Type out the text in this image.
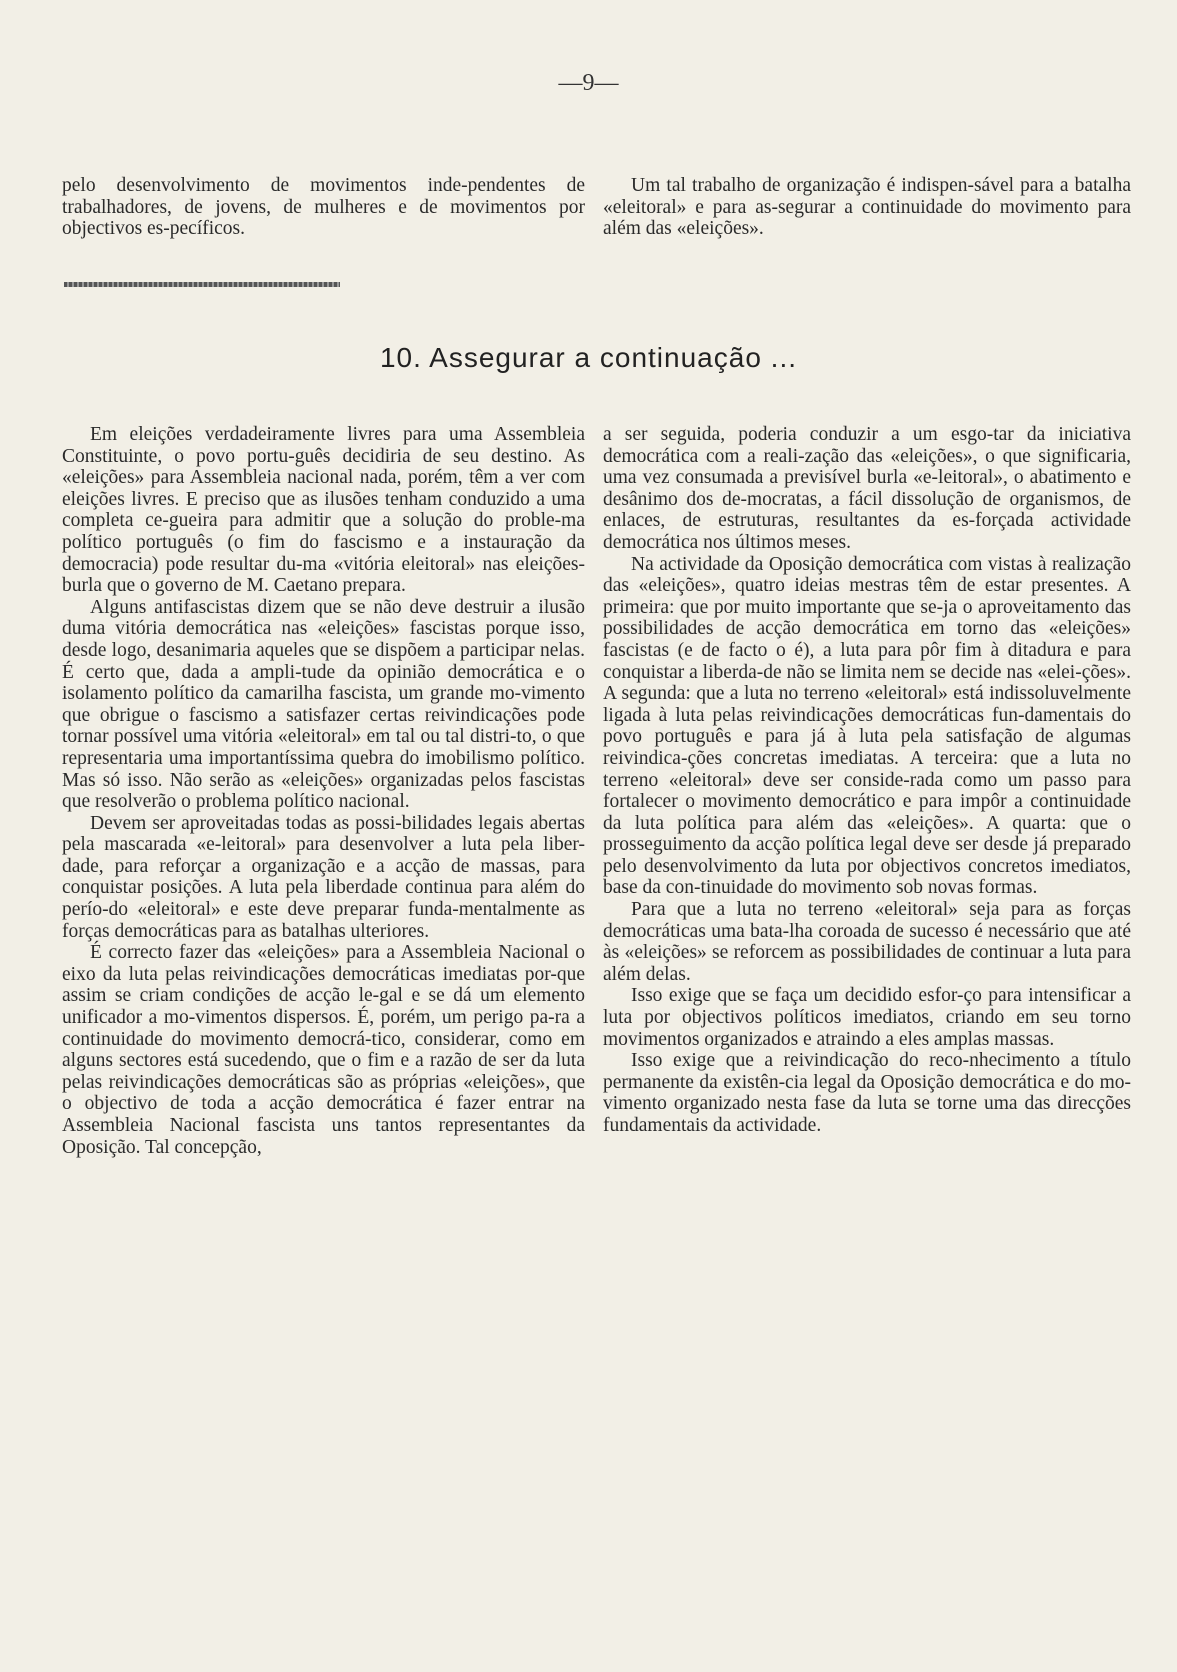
—9—

pelo desenvolvimento de movimentos inde-pendentes de trabalhadores, de jovens, de mulheres e de movimentos por objectivos es-pecíficos.

Um tal trabalho de organização é indispen-sável para a batalha «eleitoral» e para as-segurar a continuidade do movimento para além das «eleições».

10. Assegurar a continuação ...

Em eleições verdadeiramente livres para uma Assembleia Constituinte, o povo portu-guês decidiria de seu destino. As «eleições» para Assembleia nacional nada, porém, têm a ver com eleições livres. E preciso que as ilusões tenham conduzido a uma completa ce-gueira para admitir que a solução do proble-ma político português (o fim do fascismo e a instauração da democracia) pode resultar du-ma «vitória eleitoral» nas eleições-burla que o governo de M. Caetano prepara.

Alguns antifascistas dizem que se não deve destruir a ilusão duma vitória democrática nas «eleições» fascistas porque isso, desde logo, desanimaria aqueles que se dispõem a participar nelas. É certo que, dada a ampli-tude da opinião democrática e o isolamento político da camarilha fascista, um grande mo-vimento que obrigue o fascismo a satisfazer certas reivindicações pode tornar possível uma vitória «eleitoral» em tal ou tal distri-to, o que representaria uma importantíssima quebra do imobilismo político. Mas só isso. Não serão as «eleições» organizadas pelos fascistas que resolverão o problema político nacional.

Devem ser aproveitadas todas as possi-bilidades legais abertas pela mascarada «e-leitoral» para desenvolver a luta pela liber-dade, para reforçar a organização e a acção de massas, para conquistar posições. A luta pela liberdade continua para além do perío-do «eleitoral» e este deve preparar funda-mentalmente as forças democráticas para as batalhas ulteriores.

É correcto fazer das «eleições» para a Assembleia Nacional o eixo da luta pelas reivindicações democráticas imediatas por-que assim se criam condições de acção le-gal e se dá um elemento unificador a mo-vimentos dispersos. É, porém, um perigo pa-ra a continuidade do movimento democrá-tico, considerar, como em alguns sectores está sucedendo, que o fim e a razão de ser da luta pelas reivindicações democráticas são as próprias «eleições», que o objectivo de toda a acção democrática é fazer entrar na Assembleia Nacional fascista uns tantos representantes da Oposição. Tal concepção,

a ser seguida, poderia conduzir a um esgo-tar da iniciativa democrática com a reali-zação das «eleições», o que significaria, uma vez consumada a previsível burla «e-leitoral», o abatimento e desânimo dos de-mocratas, a fácil dissolução de organismos, de enlaces, de estruturas, resultantes da es-forçada actividade democrática nos últimos meses.

Na actividade da Oposição democrática com vistas à realização das «eleições», quatro ideias mestras têm de estar presentes. A primeira: que por muito importante que se-ja o aproveitamento das possibilidades de acção democrática em torno das «eleições» fascistas (e de facto o é), a luta para pôr fim à ditadura e para conquistar a liberda-de não se limita nem se decide nas «elei-ções». A segunda: que a luta no terreno «eleitoral» está indissoluvelmente ligada à luta pelas reivindicações democráticas fun-damentais do povo português e para já à luta pela satisfação de algumas reivindica-ções concretas imediatas. A terceira: que a luta no terreno «eleitoral» deve ser conside-rada como um passo para fortalecer o movimento democrático e para impôr a continuidade da luta política para além das «eleições». A quarta: que o prosseguimento da acção política legal deve ser desde já preparado pelo desenvolvimento da luta por objectivos concretos imediatos, base da con-tinuidade do movimento sob novas formas.

Para que a luta no terreno «eleitoral» seja para as forças democráticas uma bata-lha coroada de sucesso é necessário que até às «eleições» se reforcem as possibilidades de continuar a luta para além delas.

Isso exige que se faça um decidido esfor-ço para intensificar a luta por objectivos políticos imediatos, criando em seu torno movimentos organizados e atraindo a eles amplas massas.

Isso exige que a reivindicação do reco-nhecimento a título permanente da existên-cia legal da Oposição democrática e do mo-vimento organizado nesta fase da luta se torne uma das direcções fundamentais da actividade.
